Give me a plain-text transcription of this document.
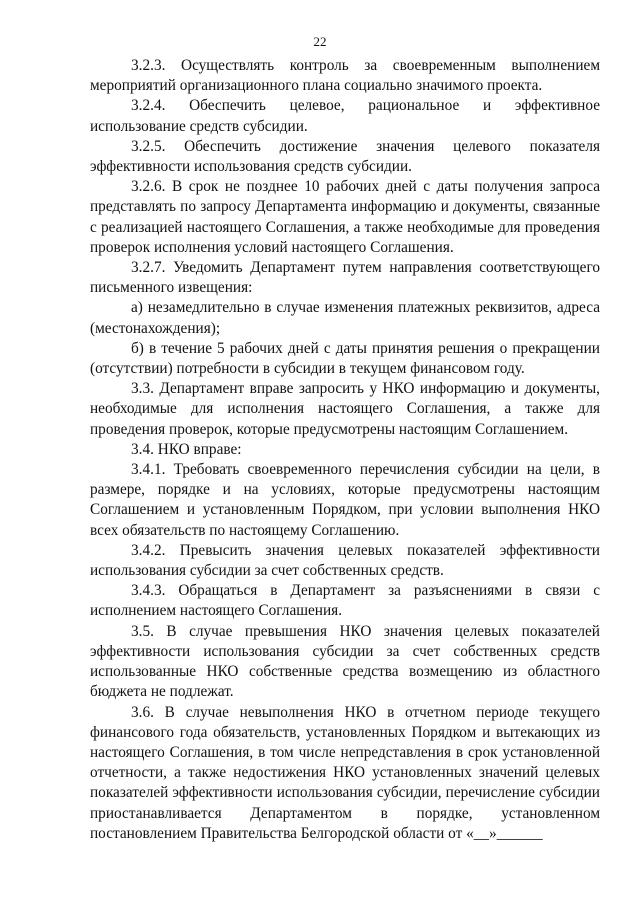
22

3.2.3. Осуществлять контроль за своевременным выполнением мероприятий организационного плана социально значимого проекта.

3.2.4. Обеспечить целевое, рациональное и эффективное использование средств субсидии.

3.2.5. Обеспечить достижение значения целевого показателя эффективности использования средств субсидии.

3.2.6. В срок не позднее 10 рабочих дней с даты получения запроса представлять по запросу Департамента информацию и документы, связанные с реализацией настоящего Соглашения, а также необходимые для проведения проверок исполнения условий настоящего Соглашения.

3.2.7. Уведомить Департамент путем направления соответствующего письменного извещения:

а) незамедлительно в случае изменения платежных реквизитов, адреса (местонахождения);

б) в течение 5 рабочих дней с даты принятия решения о прекращении (отсутствии) потребности в субсидии в текущем финансовом году.

3.3. Департамент вправе запросить у НКО информацию и документы, необходимые для исполнения настоящего Соглашения, а также для проведения проверок, которые предусмотрены настоящим Соглашением.

3.4. НКО вправе:

3.4.1. Требовать своевременного перечисления субсидии на цели, в размере, порядке и на условиях, которые предусмотрены настоящим Соглашением и установленным Порядком, при условии выполнения НКО всех обязательств по настоящему Соглашению.

3.4.2. Превысить значения целевых показателей эффективности использования субсидии за счет собственных средств.

3.4.3. Обращаться в Департамент за разъяснениями в связи с исполнением настоящего Соглашения.

3.5. В случае превышения НКО значения целевых показателей эффективности использования субсидии за счет собственных средств использованные НКО собственные средства возмещению из областного бюджета не подлежат.

3.6. В случае невыполнения НКО в отчетном периоде текущего финансового года обязательств, установленных Порядком и вытекающих из настоящего Соглашения, в том числе непредставления в срок установленной отчетности, а также недостижения НКО установленных значений целевых показателей эффективности использования субсидии, перечисление субсидии приостанавливается Департаментом в порядке, установленном постановлением Правительства Белгородской области от «__»______
